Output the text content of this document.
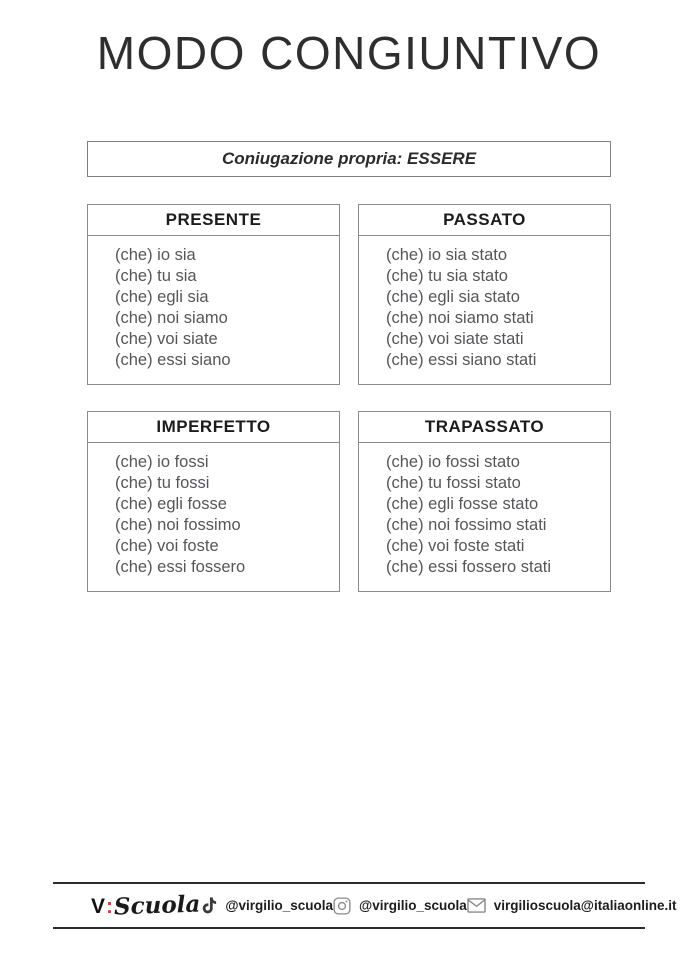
MODO CONGIUNTIVO
Coniugazione propria: ESSERE
PRESENTE
(che) io sia
(che) tu sia
(che) egli sia
(che) noi siamo
(che) voi siate
(che) essi siano
PASSATO
(che) io sia stato
(che) tu sia stato
(che) egli sia stato
(che) noi siamo stati
(che) voi siate stati
(che) essi siano stati
IMPERFETTO
(che) io fossi
(che) tu fossi
(che) egli fosse
(che) noi fossimo
(che) voi foste
(che) essi fossero
TRAPASSATO
(che) io fossi stato
(che) tu fossi stato
(che) egli fosse stato
(che) noi fossimo stati
(che) voi foste stati
(che) essi fossero stati
V : Scuola @virgilio_scuola @virgilio_scuola virgilioscuola@italiaonline.it
